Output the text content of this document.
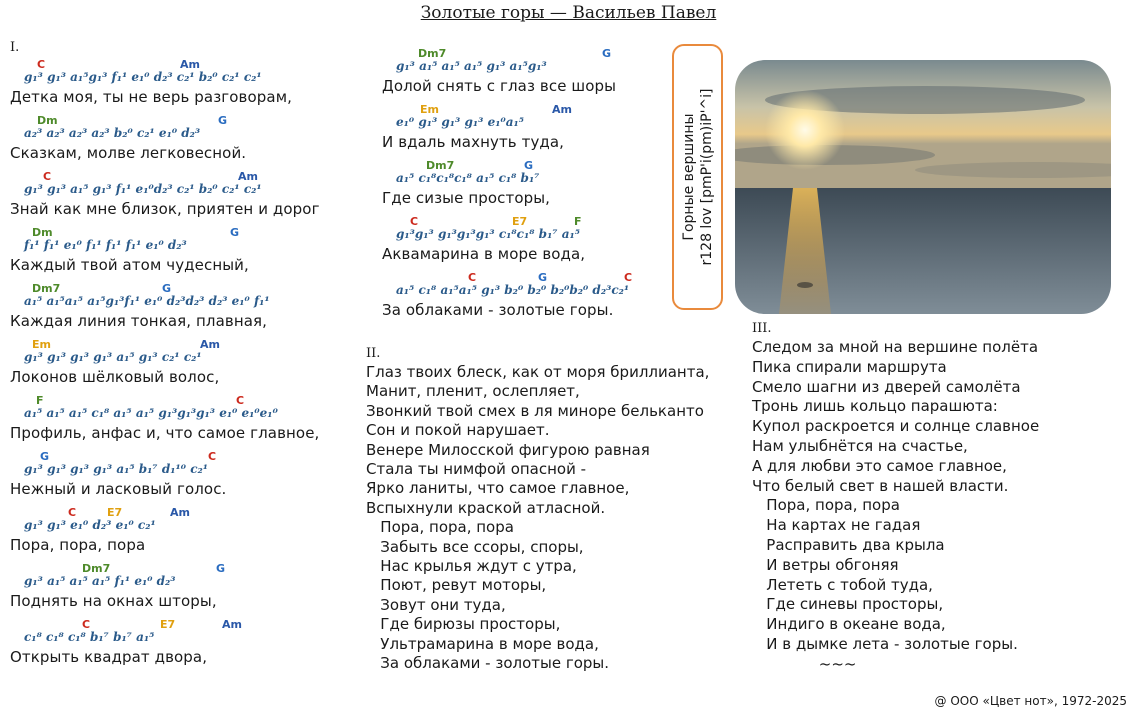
Золотые горы — Васильев Павел
I.
II.
III.
C	Am
g₁³ g₁³ a₁⁵g₁³ f₁¹ e₁⁰ d₂³ c₂¹ b₂⁰ c₂¹ c₂¹
Детка моя, ты не верь разговорам,
Dm	G
a₂³ a₂³ a₂³ a₂³ b₂⁰ c₂¹ e₁⁰ d₂³
Сказкам, молве легковесной.
C	Am
g₁³ g₁³ a₁⁵ g₁³ f₁¹ e₁⁰d₂³ c₂¹ b₂⁰ c₂¹ c₂¹
Знай как мне близок, приятен и дорог
Dm	G
f₁¹ f₁¹ e₁⁰ f₁¹ f₁¹ f₁¹ e₁⁰ d₂³
Каждый твой атом чудесный,
Dm7	G
a₁⁵ a₁⁵a₁⁵ a₁⁵g₁³f₁¹ e₁⁰ d₂³d₂³ d₂³ e₁⁰ f₁¹
Каждая линия тонкая, плавная,
Em	Am
g₁³ g₁³ g₁³ g₁³ a₁⁵ g₁³ c₂¹ c₂¹
Локонов шёлковый волос,
F	C
a₁⁵ a₁⁵ a₁⁵ c₁⁸ a₁⁵ a₁⁵ g₁³g₁³g₁³ e₁⁰ e₁⁰e₁⁰
Профиль, анфас и, что самое главное,
G	C
g₁³ g₁³ g₁³ g₁³ a₁⁵ b₁⁷ d₁¹⁰ c₂¹
Нежный и ласковый голос.
C	E7	Am
g₁³ g₁³ e₁⁰ d₂³ e₁⁰ c₂¹
Пора, пора, пора
Dm7	G
g₁³ a₁⁵ a₁⁵ a₁⁵ f₁¹ e₁⁰ d₂³
Поднять на окнах шторы,
C	E7	Am
c₁⁸ c₁⁸ c₁⁸ b₁⁷ b₁⁷ a₁⁵
Открыть квадрат двора,
Dm7	G
g₁³ a₁⁵ a₁⁵ a₁⁵ g₁³ a₁⁵g₁³
Долой снять с глаз все шоры
Em	Am
e₁⁰ g₁³ g₁³ g₁³ e₁⁰a₁⁵
И вдаль махнуть туда,
Dm7	G
a₁⁵ c₁⁸c₁⁸c₁⁸ a₁⁵ c₁⁸ b₁⁷
Где сизые просторы,
C	E7	F
g₁³g₁³ g₁³g₁³g₁³ c₁⁸c₁⁸ b₁⁷ a₁⁵
Аквамарина в море вода,
C	G	C
a₁⁵ c₁⁸ a₁⁵a₁⁵ g₁³ b₂⁰ b₂⁰ b₂⁰b₂⁰ d₂³c₂¹
За облаками - золотые горы.
Глаз твоих блеск, как от моря бриллианта,
Манит, пленит, ослепляет,
Звонкий твой смех в ля миноре бельканто
Сон и покой нарушает.
Венере Милосской фигурою равная
Стала ты нимфой опасной -
Ярко ланиты, что самое главное,
Вспыхнули краской атласной.
Пора, пора, пора
Забыть все ссоры, споры,
Нас крылья ждут с утра,
Поют, ревут моторы,
Зовут они туда,
Где бирюзы просторы,
Ультрамарина в море вода,
За облаками - золотые горы.
Следом за мной на вершине полёта
Пика спирали маршрута
Смело шагни из дверей самолёта
Тронь лишь кольцо парашюта:
Купол раскроется и солнце славное
Нам улыбнётся на счастье,
А для любви это самое главное,
Что белый свет в нашей власти.
Пора, пора, пора
На картах не гадая
Расправить два крыла
И ветры обгоняя
Лететь с тобой туда,
Где синевы просторы,
Индиго в океане вода,
И в дымке лета - золотые горы.
~~~
Горные вершины r128 lov [pmP'i(pm)iP'^i]
@ ООО «Цвет нот», 1972-2025
